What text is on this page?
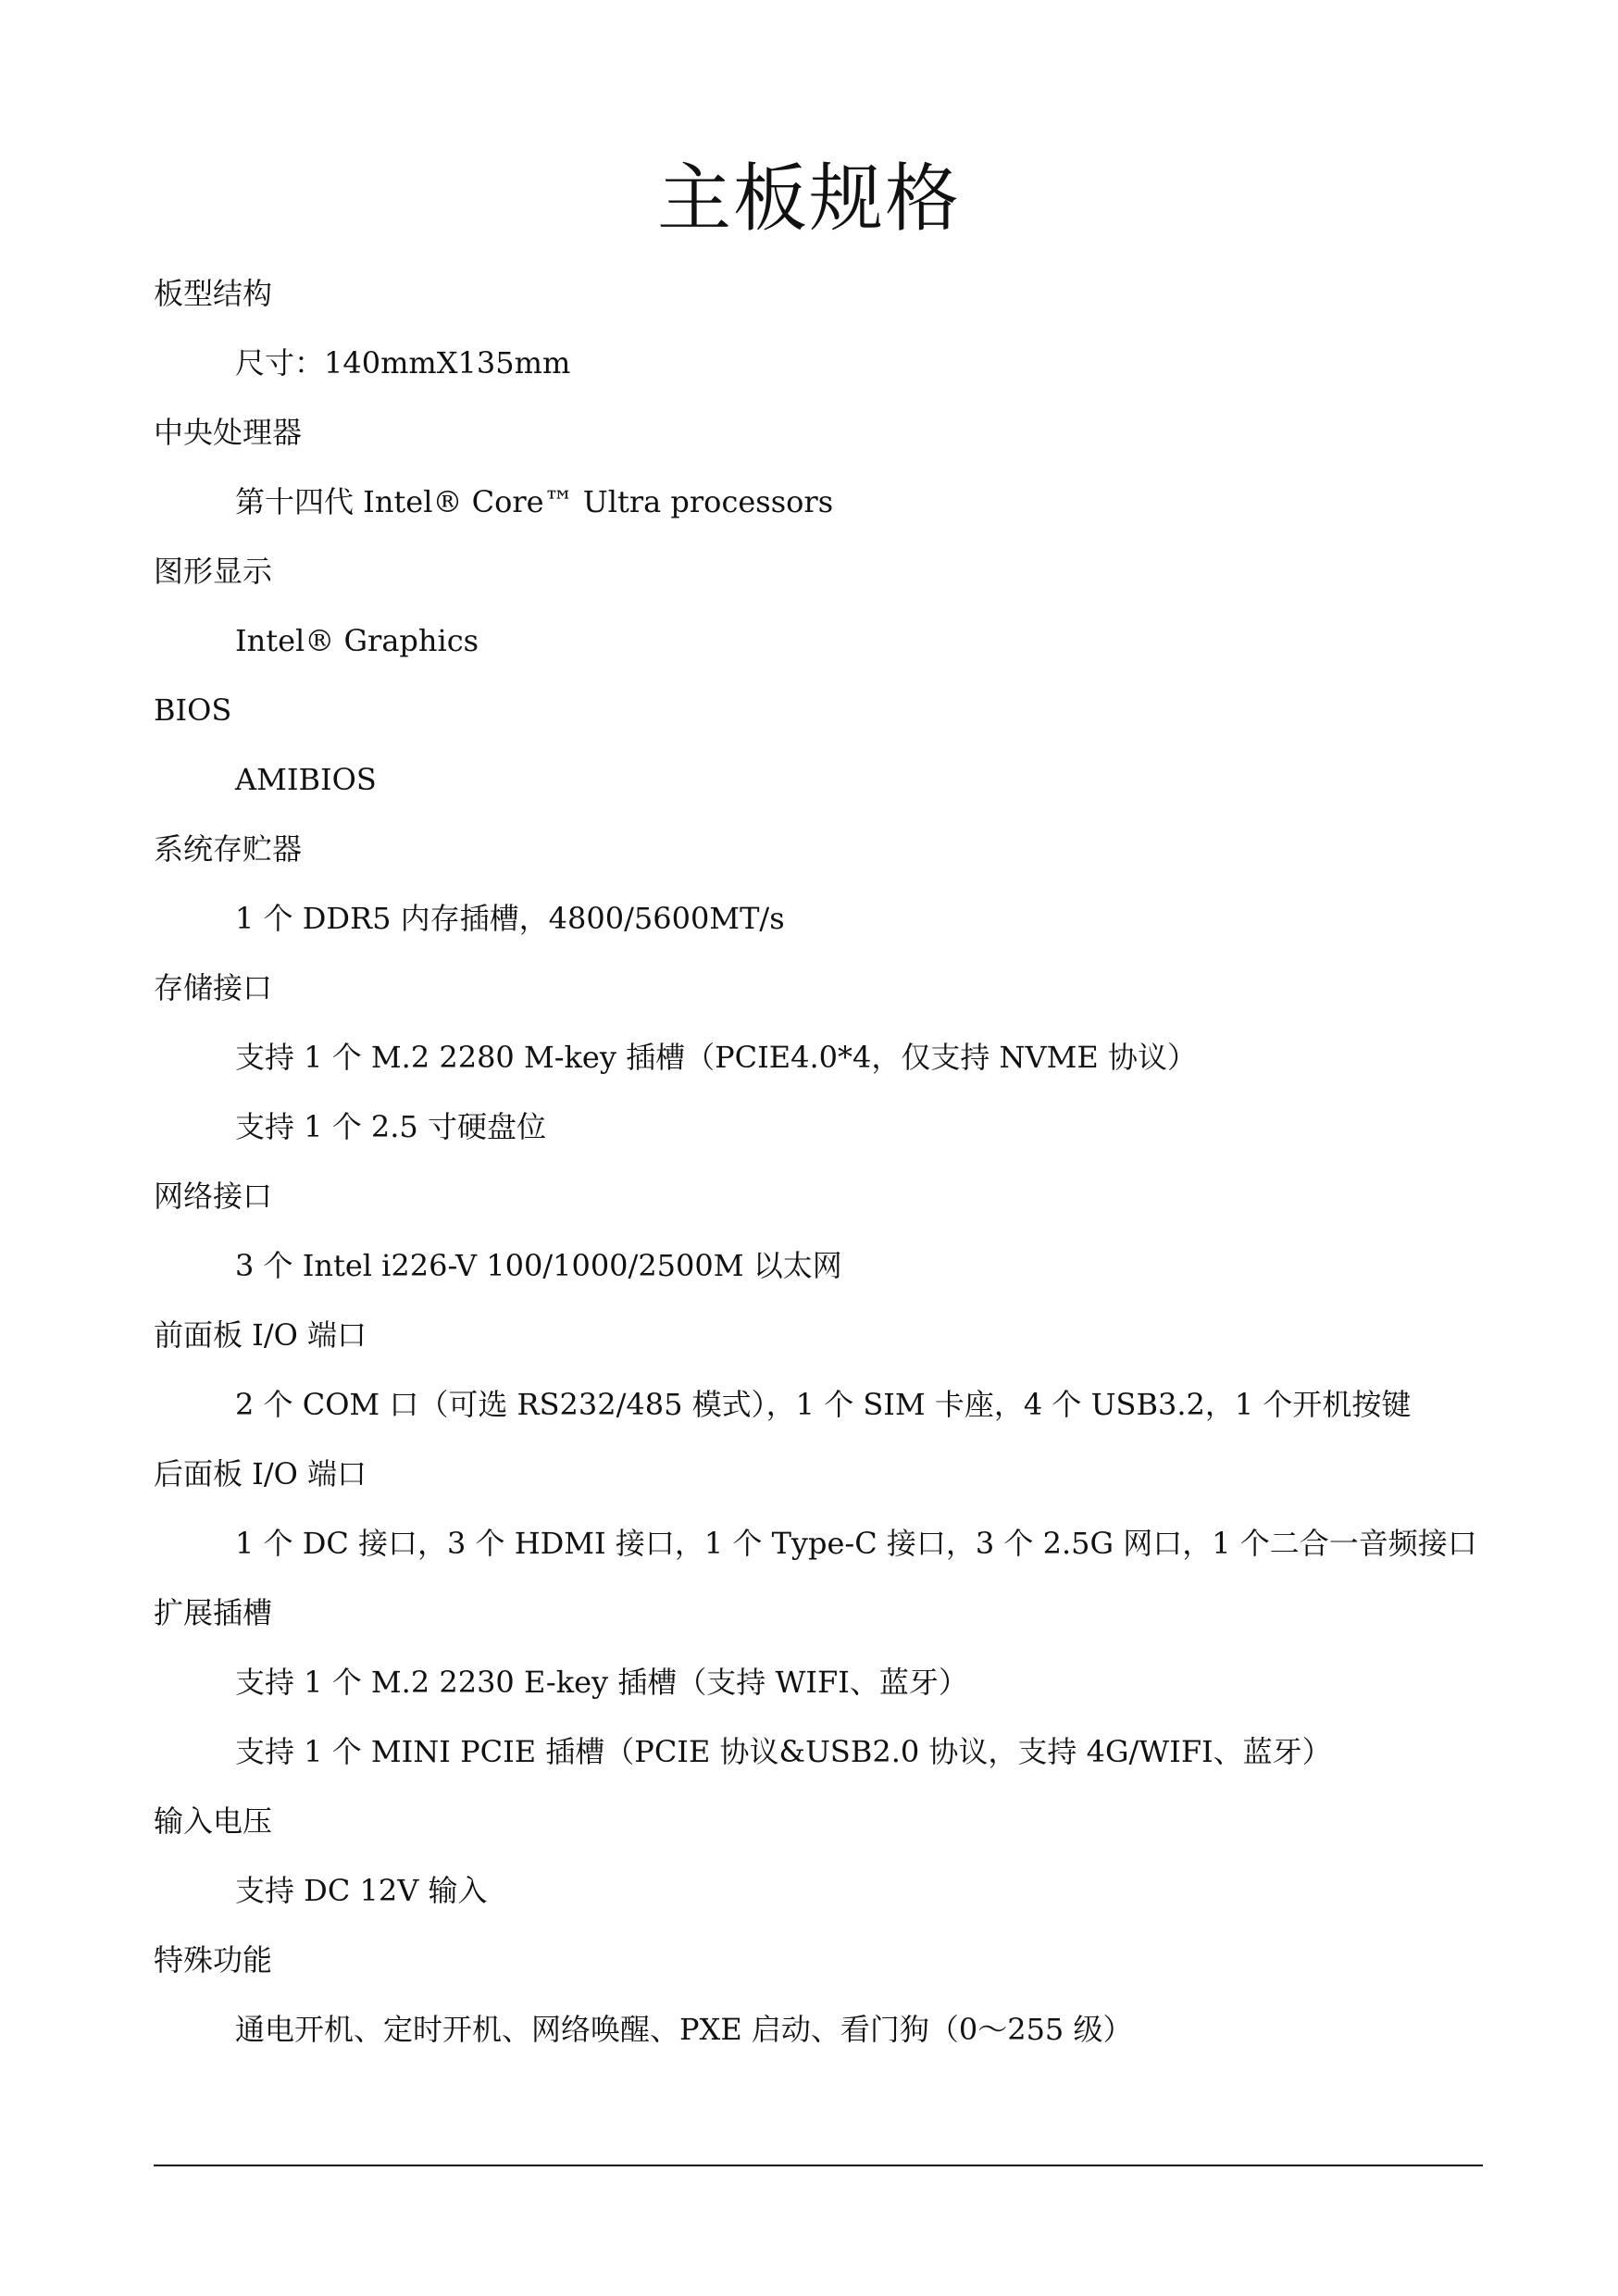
主板规格
板型结构
尺寸：140mmX135mm
中央处理器
第十四代 Intel® Core™ Ultra processors
图形显示
Intel® Graphics
BIOS
AMIBIOS
系统存贮器
1 个 DDR5 内存插槽，4800/5600MT/s
存储接口
支持 1 个 M.2 2280 M-key 插槽（PCIE4.0*4，仅支持 NVME 协议）
支持 1 个 2.5 寸硬盘位
网络接口
3 个 Intel i226-V 100/1000/2500M 以太网
前面板 I/O 端口
2 个 COM 口（可选 RS232/485 模式），1 个 SIM 卡座，4 个 USB3.2，1 个开机按键
后面板 I/O 端口
1 个 DC 接口，3 个 HDMI 接口，1 个 Type-C 接口，3 个 2.5G 网口，1 个二合一音频接口
扩展插槽
支持 1 个 M.2 2230 E-key 插槽（支持 WIFI、蓝牙）
支持 1 个 MINI PCIE 插槽（PCIE 协议&USB2.0 协议，支持 4G/WIFI、蓝牙）
输入电压
支持 DC 12V 输入
特殊功能
通电开机、定时开机、网络唤醒、PXE 启动、看门狗（0～255 级）
